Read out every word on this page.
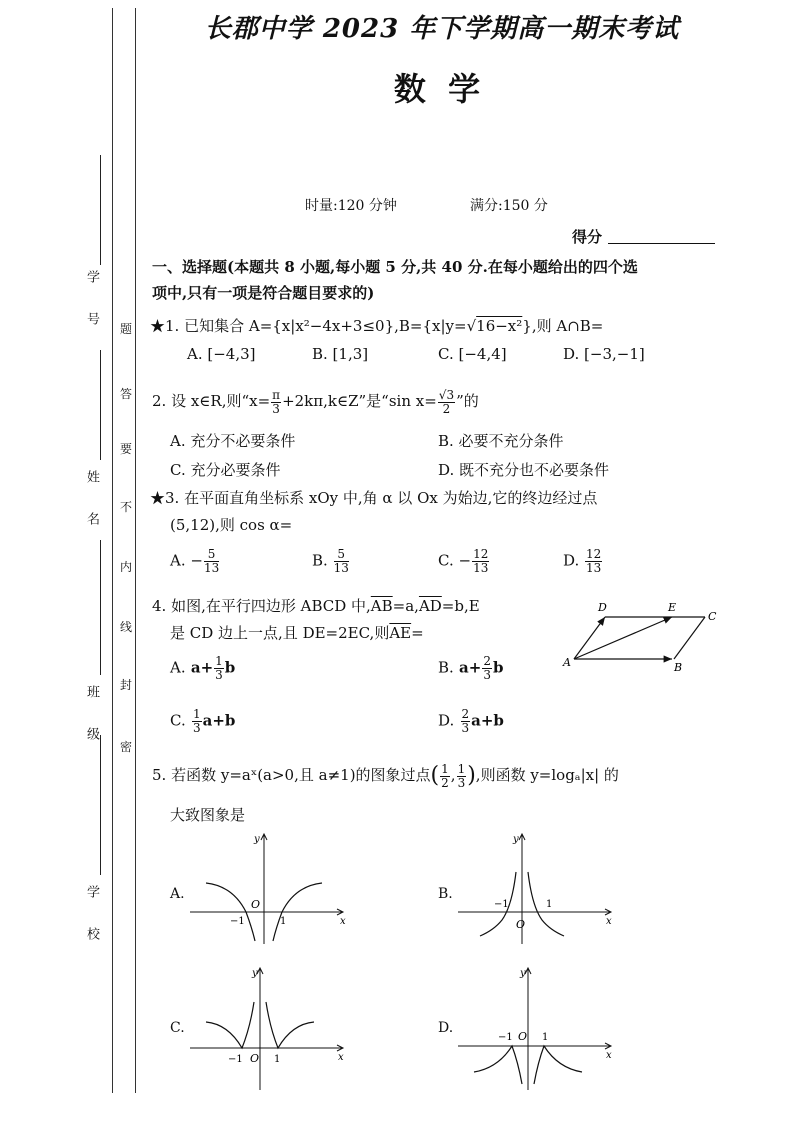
学　号
姓　名
班　级
学　校
题
答
要
不
内
线
封
密
长郡中学 2023 年下学期高一期末考试
数  学
时量:120 分钟	满分:150 分
得分
一、选择题(本题共 8 小题,每小题 5 分,共 40 分.在每小题给出的四个选
项中,只有一项是符合题目要求的)
★1. 已知集合 A={x|x²−4x+3≤0},B={x|y=√16−x²},则 A∩B=
A. [−4,3]	B. [1,3]	C. [−4,4]	D. [−3,−1]
2. 设 x∈R,则“$x= \frac{\pi}{3}$ +2kπ,k∈Z”是“sin $x= \frac{√3}{2}$ ”的
A. 充分不必要条件	B. 必要不充分条件
C. 充分必要条件	D. 既不充分也不必要条件
★3. 在平面直角坐标系 xOy 中,角 α 以 Ox 为始边,它的终边经过点
(5,12),则 cos α=
A. − $\frac{5}{13}$	B. $\frac{5}{13}$	C. − $\frac{12}{13}$	D. $\frac{12}{13}$
4. 如图,在平行四边形 ABCD 中$,\overline{AB}=a,\overline{AD}=b,E$
是 CD 边上一点,且 DE=2EC,则$\overline{AE}=$
D	E
C
A	B
A. $a+ \frac{1}{3}$ b	B. $a+ \frac{2}{3}$ b
C. $\frac{1}{3} a+b$	D. $\frac{2}{3} a+b$
5. 若函数 y=aˣ(a>0,且 a≠1)的图象过点( $\frac{1}{2}$ , $\frac{1}{3}$ ),则函数 y=logₐ|x| 的
大致图象是
A.	B.
C.	D.
x
y
O
−1	1	x
y
O
−1	1
x
y
O
−1	1	x
y
O
−1	1
